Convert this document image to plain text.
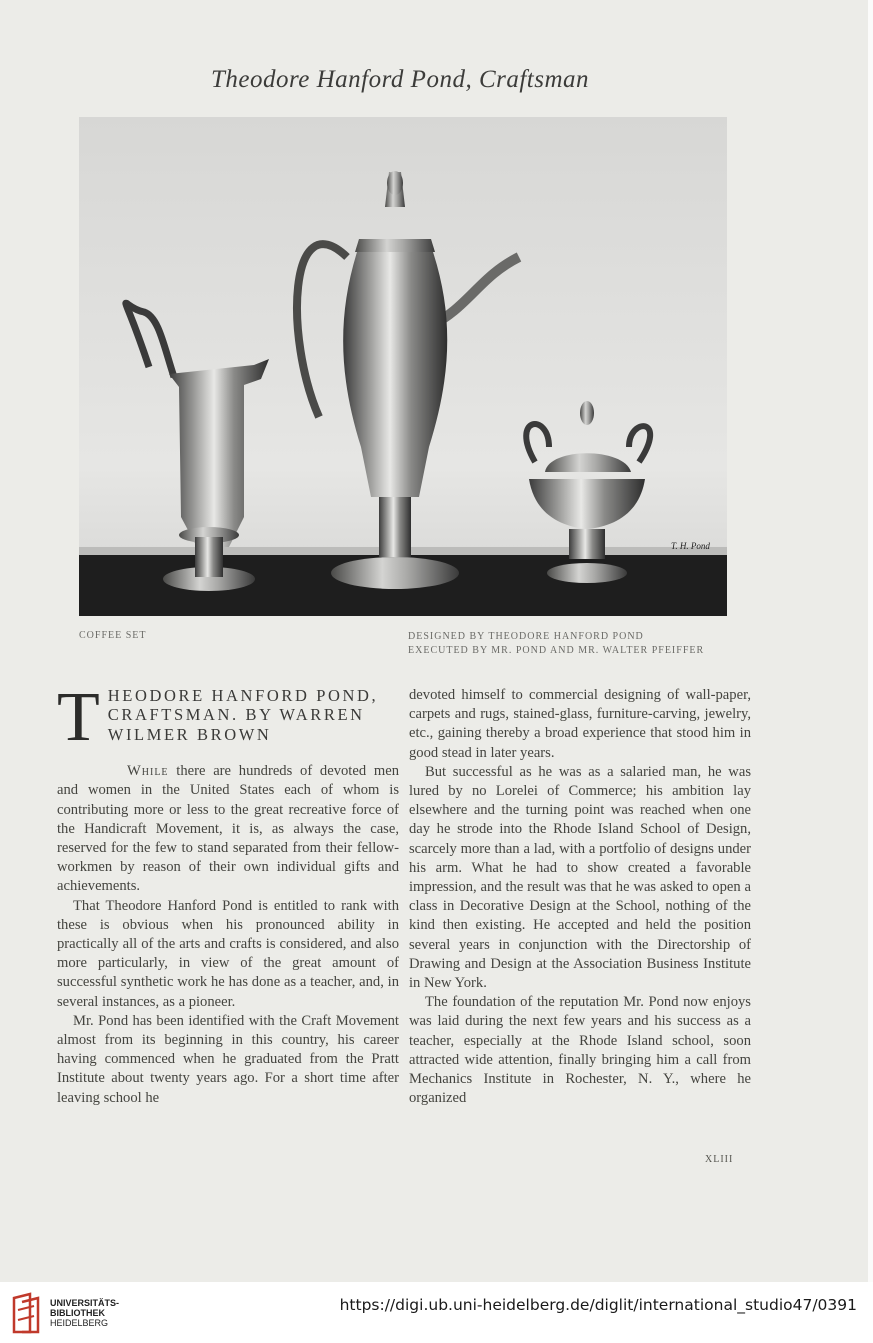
Theodore Hanford Pond, Craftsman
T. H. Pond
COFFEE SET	DESIGNED BY THEODORE HANFORD POND
EXECUTED BY MR. POND AND MR. WALTER PFEIFFER
T HEODORE HANFORD POND, CRAFTSMAN. BY WARREN WILMER BROWN

While there are hundreds of devoted men and women in the United States each of whom is contributing more or less to the great recreative force of the Handicraft Movement, it is, as always the case, reserved for the few to stand separated from their fellow-workmen by reason of their own individual gifts and achievements.

That Theodore Hanford Pond is entitled to rank with these is obvious when his pronounced ability in practically all of the arts and crafts is considered, and also more particularly, in view of the great amount of successful synthetic work he has done as a teacher, and, in several instances, as a pioneer.

Mr. Pond has been identified with the Craft Movement almost from its beginning in this country, his career having commenced when he graduated from the Pratt Institute about twenty years ago. For a short time after leaving school he

devoted himself to commercial designing of wall-paper, carpets and rugs, stained-glass, furniture-carving, jewelry, etc., gaining thereby a broad experience that stood him in good stead in later years.

But successful as he was as a salaried man, he was lured by no Lorelei of Commerce; his ambition lay elsewhere and the turning point was reached when one day he strode into the Rhode Island School of Design, scarcely more than a lad, with a portfolio of designs under his arm. What he had to show created a favorable impression, and the result was that he was asked to open a class in Decorative Design at the School, nothing of the kind then existing. He accepted and held the position several years in conjunction with the Directorship of Drawing and Design at the Association Business Institute in New York.

The foundation of the reputation Mr. Pond now enjoys was laid during the next few years and his success as a teacher, especially at the Rhode Island school, soon attracted wide attention, finally bringing him a call from Mechanics Institute in Rochester, N. Y., where he organized

XLIII
UNIVERSITÄTS-
BIBLIOTHEK
HEIDELBERG
https://digi.ub.uni-heidelberg.de/diglit/international_studio47/0391
